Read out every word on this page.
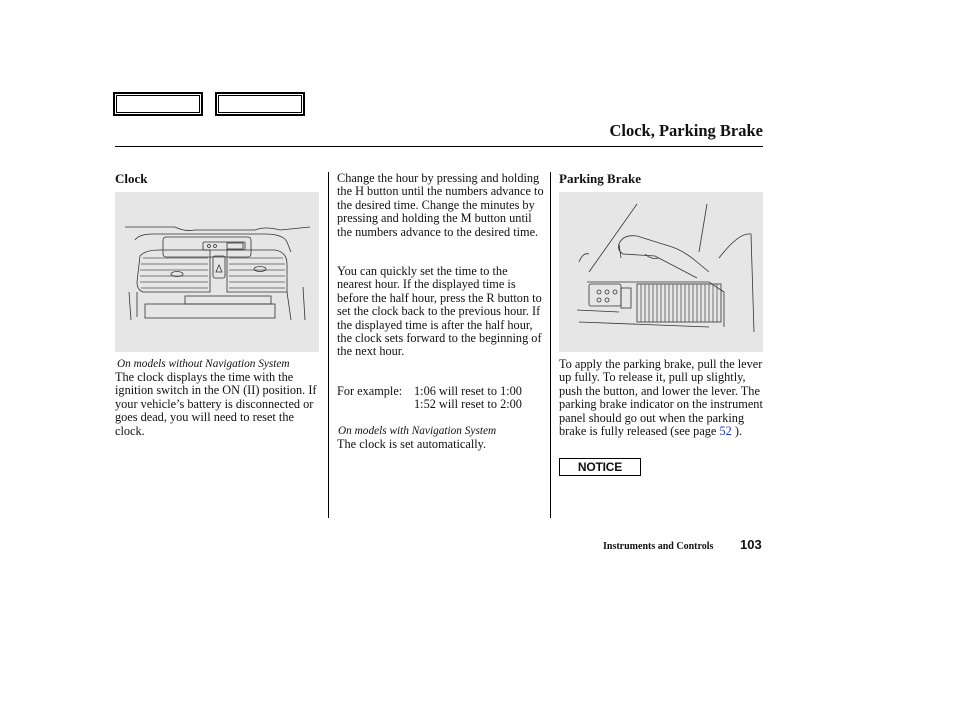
Clock, Parking Brake
Clock
On models without Navigation System

The clock displays the time with the ignition switch in the ON (II) position. If your vehicle’s battery is disconnected or goes dead, you will need to reset the clock.

Change the hour by pressing and holding the H button until the numbers advance to the desired time. Change the minutes by pressing and holding the M button until the numbers advance to the desired time.

You can quickly set the time to the nearest hour. If the displayed time is before the half hour, press the R button to set the clock back to the previous hour. If the displayed time is after the half hour, the clock sets forward to the beginning of the next hour.

For example: 1:06 will reset to 1:00
1:52 will reset to 2:00
On models with Navigation System

The clock is set automatically.

Parking Brake

To apply the parking brake, pull the lever up fully. To release it, pull up slightly, push the button, and lower the lever. The parking brake indicator on the instrument panel should go out when the parking brake is fully released (see page 52 ).

NOTICE
Instruments and Controls 103
